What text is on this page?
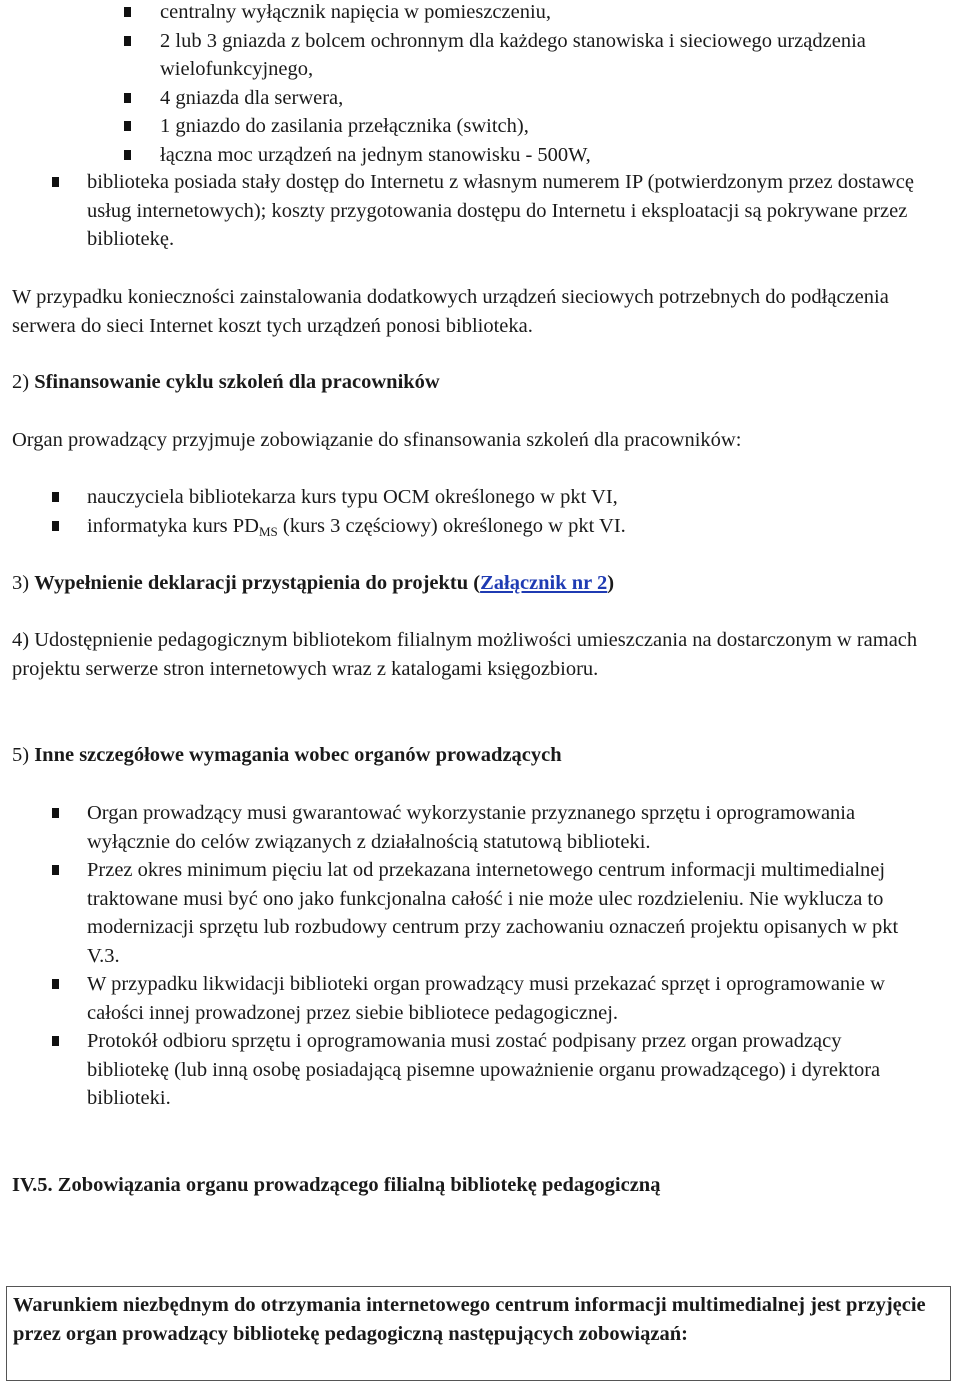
centralny wyłącznik napięcia w pomieszczeniu,
2 lub 3 gniazda z bolcem ochronnym dla każdego stanowiska i sieciowego urządzenia wielofunkcyjnego,
4 gniazda dla serwera,
1 gniazdo do zasilania przełącznika (switch),
łączna moc urządzeń na jednym stanowisku - 500W,
biblioteka posiada stały dostęp do Internetu z własnym numerem IP (potwierdzonym przez dostawcę usług internetowych); koszty przygotowania dostępu do Internetu i eksploatacji są pokrywane przez bibliotekę.

W przypadku konieczności zainstalowania dodatkowych urządzeń sieciowych potrzebnych do podłączenia serwera do sieci Internet koszt tych urządzeń ponosi biblioteka.

2) Sfinansowanie cyklu szkoleń dla pracowników

Organ prowadzący przyjmuje zobowiązanie do sfinansowania szkoleń dla pracowników:

nauczyciela bibliotekarza kurs typu OCM określonego w pkt VI,
informatyka kurs $PD_{MS}$ (kurs 3 częściowy) określonego w pkt VI.

3) Wypełnienie deklaracji przystąpienia do projektu (Załącznik nr 2)

4) Udostępnienie pedagogicznym bibliotekom filialnym możliwości umieszczania na dostarczonym w ramach projektu serwerze stron internetowych wraz z katalogami księgozbioru.

5) Inne szczegółowe wymagania wobec organów prowadzących

Organ prowadzący musi gwarantować wykorzystanie przyznanego sprzętu i oprogramowania wyłącznie do celów związanych z działalnością statutową biblioteki.
Przez okres minimum pięciu lat od przekazana internetowego centrum informacji multimedialnej traktowane musi być ono jako funkcjonalna całość i nie może ulec rozdzieleniu. Nie wyklucza to modernizacji sprzętu lub rozbudowy centrum przy zachowaniu oznaczeń projektu opisanych w pkt V.3.
W przypadku likwidacji biblioteki organ prowadzący musi przekazać sprzęt i oprogramowanie w całości innej prowadzonej przez siebie bibliotece pedagogicznej.
Protokół odbioru sprzętu i oprogramowania musi zostać podpisany przez organ prowadzący bibliotekę (lub inną osobę posiadającą pisemne upoważnienie organu prowadzącego) i dyrektora biblioteki.

IV.5. Zobowiązania organu prowadzącego filialną bibliotekę pedagogiczną

Warunkiem niezbędnym do otrzymania internetowego centrum informacji multimedialnej jest przyjęcie przez organ prowadzący bibliotekę pedagogiczną następujących zobowiązań:
